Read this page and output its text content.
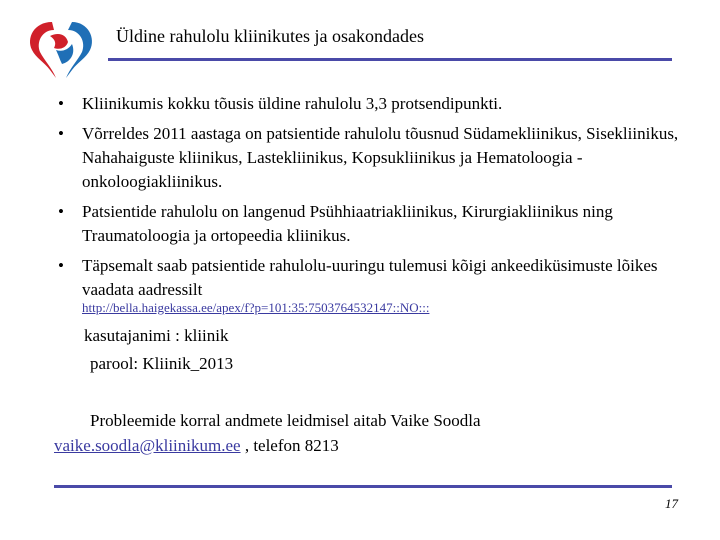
Üldine rahulolu kliinikutes ja osakondades
• Kliinikumis kokku tõusis üldine rahulolu 3,3 protsendipunkti.
• Võrreldes 2011 aastaga on patsientide rahulolu tõusnud Südamekliinikus, Sisekliinikus, Nahahaiguste kliinikus, Lastekliinikus, Kopsukliinikus ja Hematoloogia - onkoloogiakliinikus.
• Patsientide rahulolu on langenud Psühhiaatriakliinikus, Kirurgiakliinikus ning Traumatoloogia ja ortopeedia kliinikus.
• Täpsemalt saab patsientide rahulolu-uuringu tulemusi kõigi ankeediküsimuste lõikes vaadata aadressilt
http://bella.haigekassa.ee/apex/f?p=101:35:7503764532147::NO:::
kasutajanimi : kliinik
parool: Kliinik_2013
Probleemide korral andmete leidmisel aitab Vaike Soodla
vaike.soodla@kliinikum.ee , telefon 8213
17
